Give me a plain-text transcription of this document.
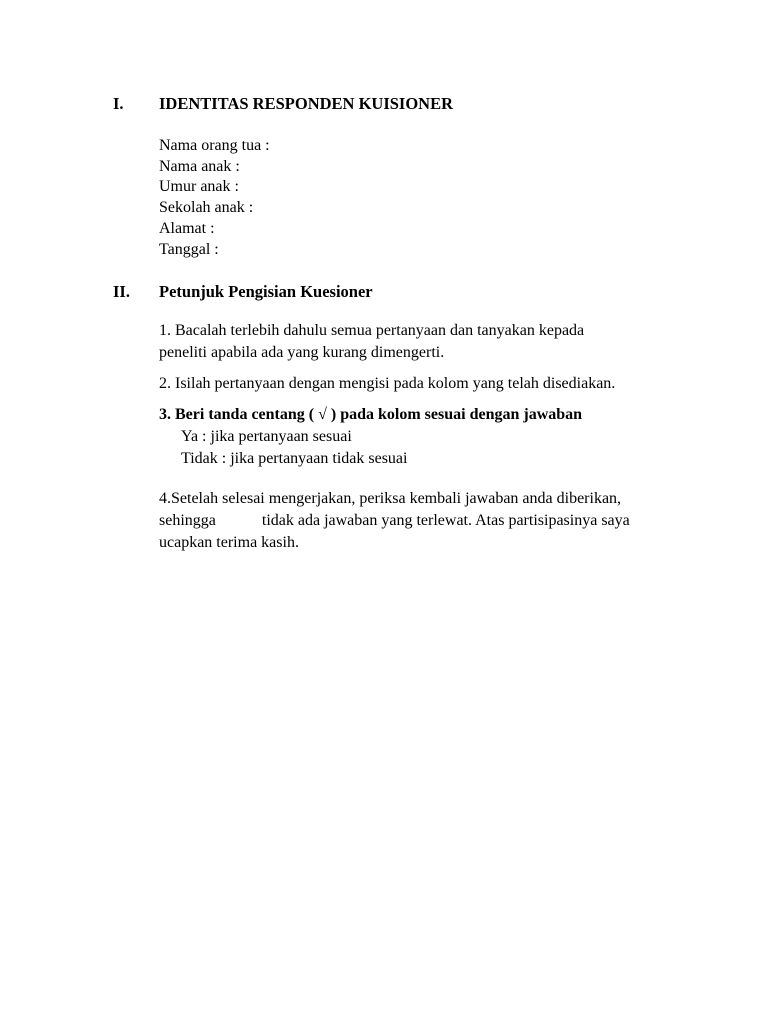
I. IDENTITAS RESPONDEN KUISIONER
Nama orang tua :
Nama anak :
Umur anak :
Sekolah anak :
Alamat :
Tanggal :
II. Petunjuk Pengisian Kuesioner
1. Bacalah terlebih dahulu semua pertanyaan dan tanyakan kepada
peneliti apabila ada yang kurang dimengerti.
2. Isilah pertanyaan dengan mengisi pada kolom yang telah disediakan.
3. Beri tanda centang ( √ ) pada kolom sesuai dengan jawaban
Ya : jika pertanyaan sesuai
Tidak : jika pertanyaan tidak sesuai
4.Setelah selesai mengerjakan, periksa kembali jawaban anda diberikan,
sehingga	tidak ada jawaban yang terlewat. Atas partisipasinya saya
ucapkan terima kasih.
